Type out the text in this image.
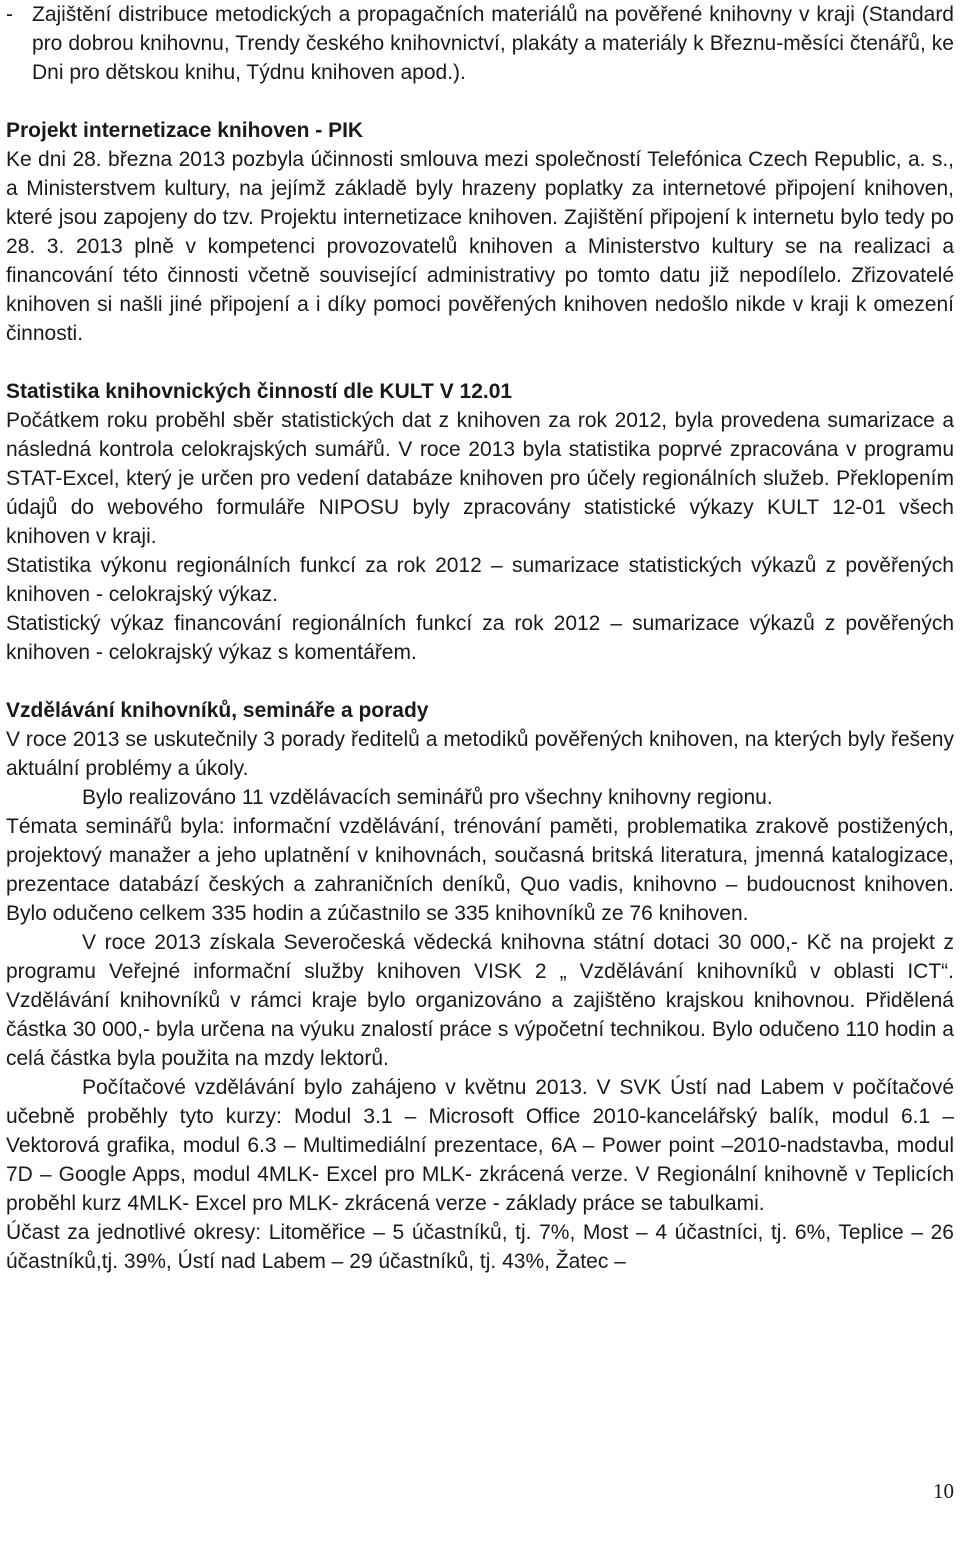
- Zajištění distribuce metodických a propagačních materiálů na pověřené knihovny v kraji (Standard pro dobrou knihovnu, Trendy českého knihovnictví, plakáty a materiály k Březnu-měsíci čtenářů, ke Dni pro dětskou knihu, Týdnu knihoven apod.).
Projekt internetizace knihoven - PIK

Ke dni 28. března 2013 pozbyla účinnosti smlouva mezi společností Telefónica Czech Republic, a. s., a Ministerstvem kultury, na jejímž základě byly hrazeny poplatky za internetové připojení knihoven, které jsou zapojeny do tzv. Projektu internetizace knihoven. Zajištění připojení k internetu bylo tedy po 28. 3. 2013 plně v kompetenci provozovatelů knihoven a Ministerstvo kultury se na realizaci a financování této činnosti včetně související administrativy po tomto datu již nepodílelo. Zřizovatelé knihoven si našli jiné připojení a i díky pomoci pověřených knihoven nedošlo nikde v kraji k omezení činnosti.

Statistika knihovnických činností dle KULT V 12.01

Počátkem roku proběhl sběr statistických dat z knihoven za rok 2012, byla provedena sumarizace a následná kontrola celokrajských sumářů. V roce 2013 byla statistika poprvé zpracována v programu STAT-Excel, který je určen pro vedení databáze knihoven pro účely regionálních služeb. Překlopením údajů do webového formuláře NIPOSU byly zpracovány statistické výkazy KULT 12-01 všech knihoven v kraji.

Statistika výkonu regionálních funkcí za rok 2012 – sumarizace statistických výkazů z pověřených knihoven - celokrajský výkaz.

Statistický výkaz financování regionálních funkcí za rok 2012 – sumarizace výkazů z pověřených knihoven - celokrajský výkaz s komentářem.

Vzdělávání knihovníků, semináře a porady

V roce 2013 se uskutečnily 3 porady ředitelů a metodiků pověřených knihoven, na kterých byly řešeny aktuální problémy a úkoly.

Bylo realizováno 11 vzdělávacích seminářů pro všechny knihovny regionu.

Témata seminářů byla: informační vzdělávání, trénování paměti, problematika zrakově postižených, projektový manažer a jeho uplatnění v knihovnách, současná britská literatura, jmenná katalogizace, prezentace databází českých a zahraničních deníků, Quo vadis, knihovno – budoucnost knihoven. Bylo odučeno celkem 335 hodin a zúčastnilo se 335 knihovníků ze 76 knihoven.

V roce 2013 získala Severočeská vědecká knihovna státní dotaci 30 000,- Kč na projekt z programu Veřejné informační služby knihoven VISK 2 „ Vzdělávání knihovníků v oblasti ICT“. Vzdělávání knihovníků v rámci kraje bylo organizováno a zajištěno krajskou knihovnou. Přidělená částka 30 000,- byla určena na výuku znalostí práce s výpočetní technikou. Bylo odučeno 110 hodin a celá částka byla použita na mzdy lektorů.

Počítačové vzdělávání bylo zahájeno v květnu 2013. V SVK Ústí nad Labem v počítačové učebně proběhly tyto kurzy: Modul 3.1 – Microsoft Office 2010-kancelářský balík, modul 6.1 – Vektorová grafika, modul 6.3 – Multimediální prezentace, 6A – Power point –2010-nadstavba, modul 7D – Google Apps, modul 4MLK- Excel pro MLK- zkrácená verze. V Regionální knihovně v Teplicích proběhl kurz 4MLK- Excel pro MLK- zkrácená verze - základy práce se tabulkami.

Účast za jednotlivé okresy: Litoměřice – 5 účastníků, tj. 7%, Most – 4 účastníci, tj. 6%, Teplice – 26 účastníků,tj. 39%, Ústí nad Labem – 29 účastníků, tj. 43%, Žatec –

10
